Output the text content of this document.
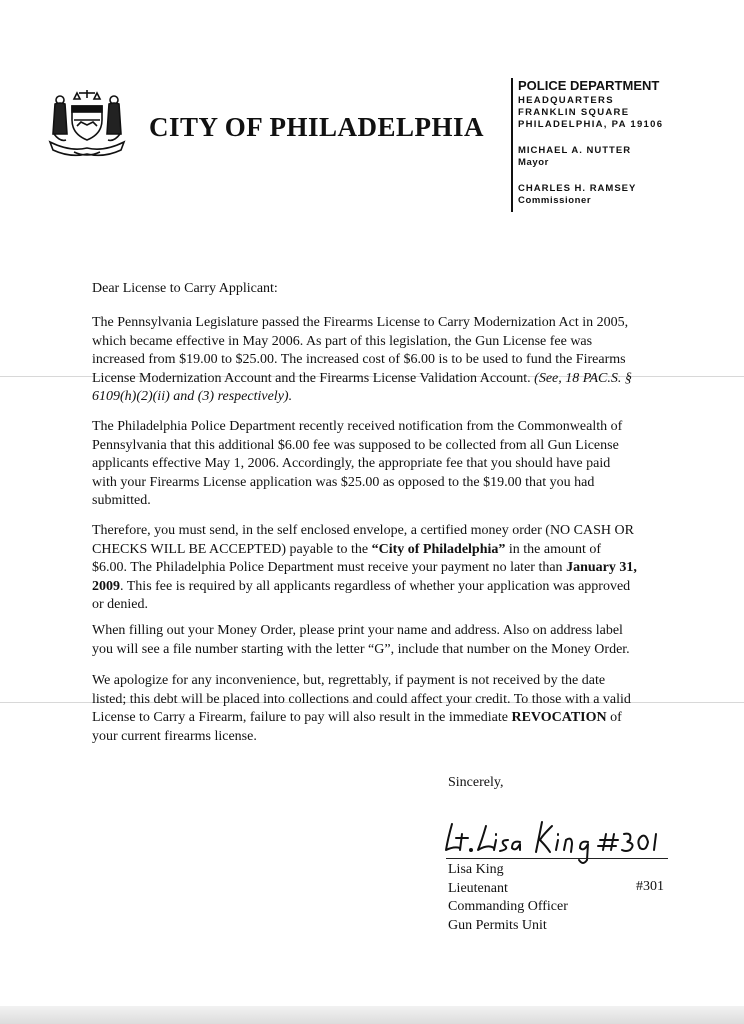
CITY OF PHILADELPHIA
POLICE DEPARTMENT
HEADQUARTERS
FRANKLIN SQUARE
PHILADELPHIA, PA 19106
MICHAEL A. NUTTER
Mayor
CHARLES H. RAMSEY
Commissioner
Dear License to Carry Applicant:
The Pennsylvania Legislature passed the Firearms License to Carry Modernization Act in 2005,
which became effective in May 2006. As part of this legislation, the Gun License fee was
increased from $19.00 to $25.00. The increased cost of $6.00 is to be used to fund the Firearms
License Modernization Account and the Firearms License Validation Account. (See, 18 PAC.S. §
6109(h)(2)(ii) and (3) respectively).
The Philadelphia Police Department recently received notification from the Commonwealth of
Pennsylvania that this additional $6.00 fee was supposed to be collected from all Gun License
applicants effective May 1, 2006. Accordingly, the appropriate fee that you should have paid
with your Firearms License application was $25.00 as opposed to the $19.00 that you had
submitted.
Therefore, you must send, in the self enclosed envelope, a certified money order (NO CASH OR
CHECKS WILL BE ACCEPTED) payable to the “City of Philadelphia” in the amount of
$6.00. The Philadelphia Police Department must receive your payment no later than January 31,
2009. This fee is required by all applicants regardless of whether your application was approved
or denied.
When filling out your Money Order, please print your name and address. Also on address label
you will see a file number starting with the letter “G”, include that number on the Money Order.
We apologize for any inconvenience, but, regrettably, if payment is not received by the date
listed; this debt will be placed into collections and could affect your credit. To those with a valid
License to Carry a Firearm, failure to pay will also result in the immediate REVOCATION of
your current firearms license.
Sincerely,
Lisa King
Lieutenant
Commanding Officer
Gun Permits Unit
#301
